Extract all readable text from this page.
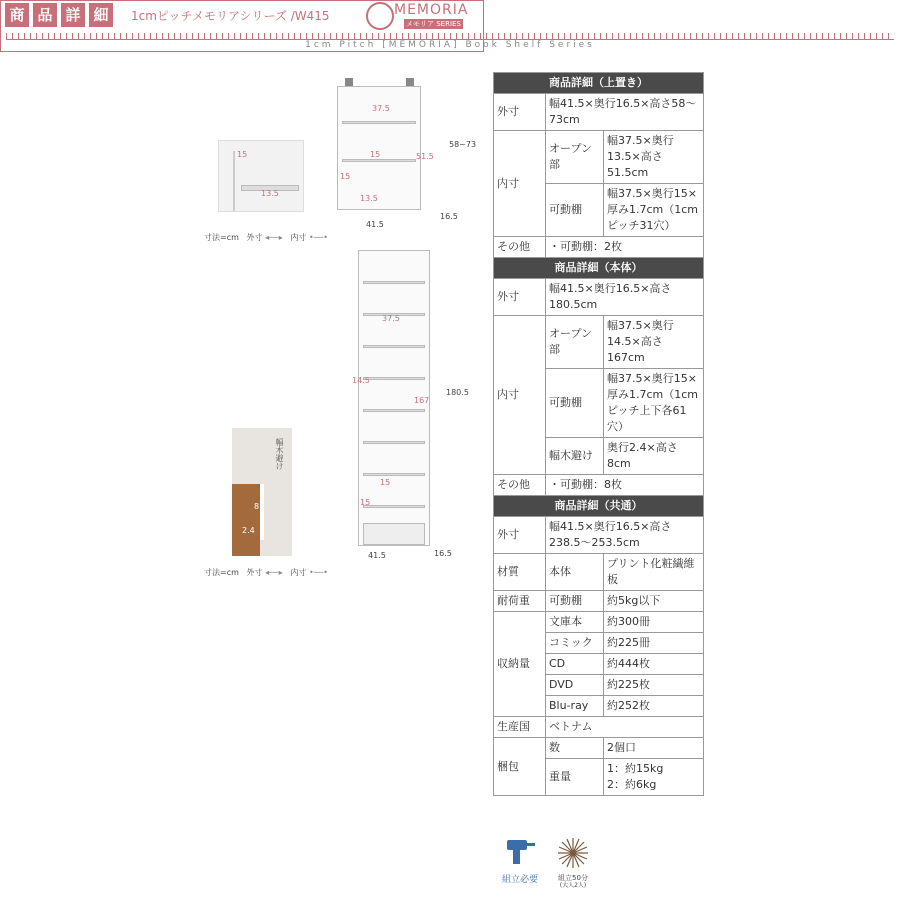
商 品 詳 細	1cmピッチメモリアシリーズ /W415	MEMORIA
メモリア SERIES
1cm Pitch [MEMORIA] Book Shelf Series
15
13.5
37.5
15	51.5
15
13.5
58~73
16.5
41.5
寸法=cm 外寸 ◂──▸ 内寸 •──•
幅木避け
8
2.4
37.5
14.5
167
180.5
15
15
41.5	16.5
寸法=cm 外寸 ◂──▸ 内寸 •──•
商品詳細（上置き）		
外寸	幅41.5×奥行16.5×高さ58〜73cm	
内寸	オープン部	幅37.5×奥行13.5×高さ51.5cm
	可動棚	幅37.5×奥行15×厚み1.7cm（1cmピッチ31穴）
その他	・可動棚：2枚	
商品詳細（本体）		
外寸	幅41.5×奥行16.5×高さ180.5cm	
内寸	オープン部	幅37.5×奥行14.5×高さ167cm
	可動棚	幅37.5×奥行15×厚み1.7cm（1cmピッチ上下各61穴）
	幅木避け	奥行2.4×高さ8cm
その他	・可動棚：8枚	
商品詳細（共通）		
外寸	幅41.5×奥行16.5×高さ238.5〜253.5cm	
材質	本体	プリント化粧繊維板
耐荷重	可動棚	約5kg以下
収納量	文庫本	約300冊
	コミック	約225冊
	CD	約444枚
	DVD	約225枚
	Blu-ray	約252枚
生産国	ベトナム	
梱包	数	2個口
	重量	1：約15kg
2：約6kg
組立必要	組立50分
(大人2人)
